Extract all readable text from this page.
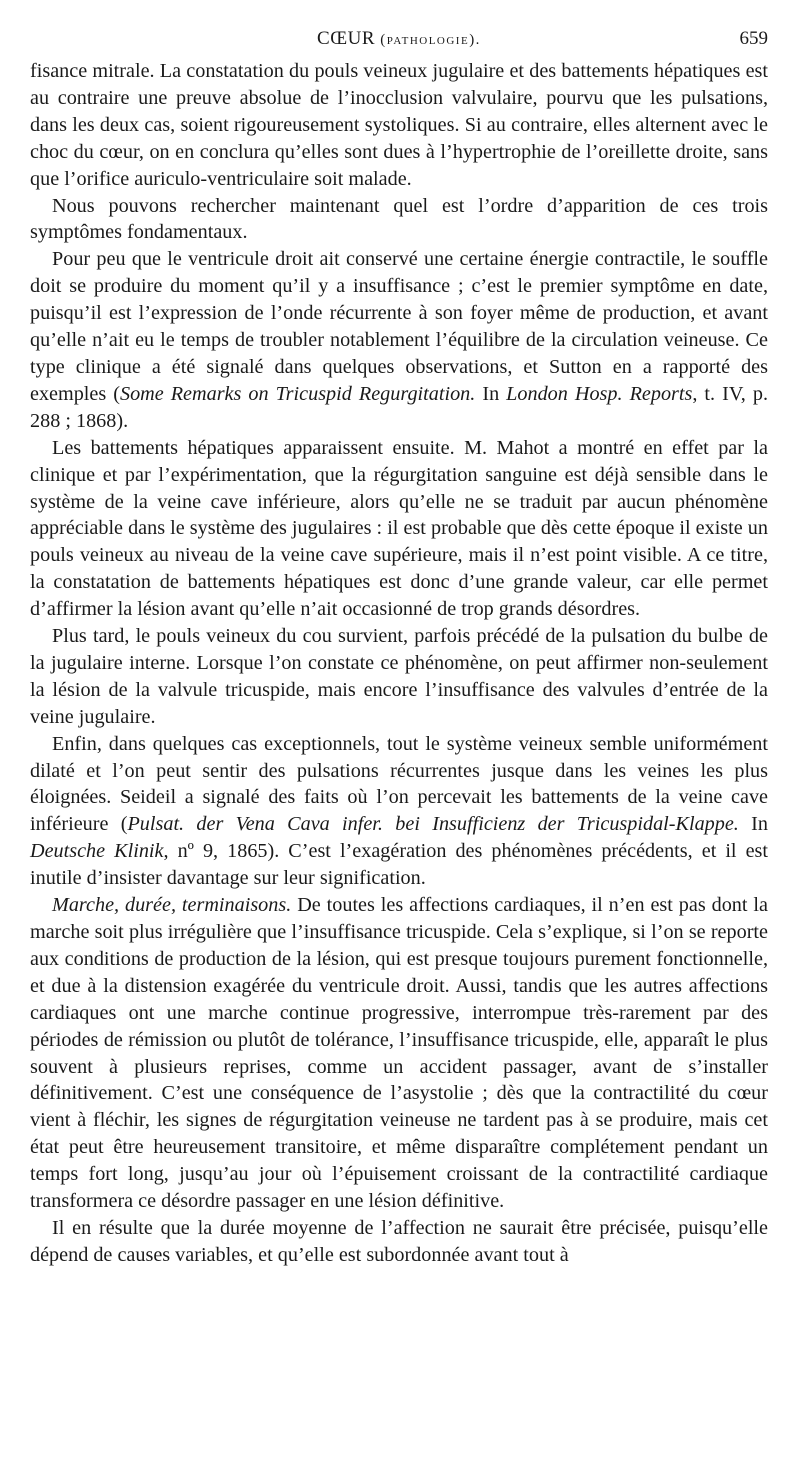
CŒUR (pathologie).	659

fisance mitrale. La constatation du pouls veineux jugulaire et des battements hépatiques est au contraire une preuve absolue de l’inocclusion valvulaire, pourvu que les pulsations, dans les deux cas, soient rigoureusement systoliques. Si au contraire, elles alternent avec le choc du cœur, on en conclura qu’elles sont dues à l’hypertrophie de l’oreillette droite, sans que l’orifice auriculo-ventriculaire soit malade.

Nous pouvons rechercher maintenant quel est l’ordre d’apparition de ces trois symptômes fondamentaux.

Pour peu que le ventricule droit ait conservé une certaine énergie contractile, le souffle doit se produire du moment qu’il y a insuffisance ; c’est le premier symptôme en date, puisqu’il est l’expression de l’onde récurrente à son foyer même de production, et avant qu’elle n’ait eu le temps de troubler notablement l’équilibre de la circulation veineuse. Ce type clinique a été signalé dans quelques observations, et Sutton en a rapporté des exemples (Some Remarks on Tricuspid Regurgitation. In London Hosp. Reports, t. IV, p. 288 ; 1868).

Les battements hépatiques apparaissent ensuite. M. Mahot a montré en effet par la clinique et par l’expérimentation, que la régurgitation sanguine est déjà sensible dans le système de la veine cave inférieure, alors qu’elle ne se traduit par aucun phénomène appréciable dans le système des jugulaires : il est probable que dès cette époque il existe un pouls veineux au niveau de la veine cave supérieure, mais il n’est point visible. A ce titre, la constatation de battements hépatiques est donc d’une grande valeur, car elle permet d’affirmer la lésion avant qu’elle n’ait occasionné de trop grands désordres.

Plus tard, le pouls veineux du cou survient, parfois précédé de la pulsation du bulbe de la jugulaire interne. Lorsque l’on constate ce phénomène, on peut affirmer non-seulement la lésion de la valvule tricuspide, mais encore l’insuffisance des valvules d’entrée de la veine jugulaire.

Enfin, dans quelques cas exceptionnels, tout le système veineux semble uniformément dilaté et l’on peut sentir des pulsations récurrentes jusque dans les veines les plus éloignées. Seideil a signalé des faits où l’on percevait les battements de la veine cave inférieure (Pulsat. der Vena Cava infer. bei Insufficienz der Tricuspidal-Klappe. In Deutsche Klinik, nº 9, 1865). C’est l’exagération des phénomènes précédents, et il est inutile d’insister davantage sur leur signification.

Marche, durée, terminaisons. De toutes les affections cardiaques, il n’en est pas dont la marche soit plus irrégulière que l’insuffisance tricuspide. Cela s’explique, si l’on se reporte aux conditions de production de la lésion, qui est presque toujours purement fonctionnelle, et due à la distension exagérée du ventricule droit. Aussi, tandis que les autres affections cardiaques ont une marche continue progressive, interrompue très-rarement par des périodes de rémission ou plutôt de tolérance, l’insuffisance tricuspide, elle, apparaît le plus souvent à plusieurs reprises, comme un accident passager, avant de s’installer définitivement. C’est une conséquence de l’asystolie ; dès que la contractilité du cœur vient à fléchir, les signes de régurgitation veineuse ne tardent pas à se produire, mais cet état peut être heureusement transitoire, et même disparaître complétement pendant un temps fort long, jusqu’au jour où l’épuisement croissant de la contractilité cardiaque transformera ce désordre passager en une lésion définitive.

Il en résulte que la durée moyenne de l’affection ne saurait être précisée, puisqu’elle dépend de causes variables, et qu’elle est subordonnée avant tout à
